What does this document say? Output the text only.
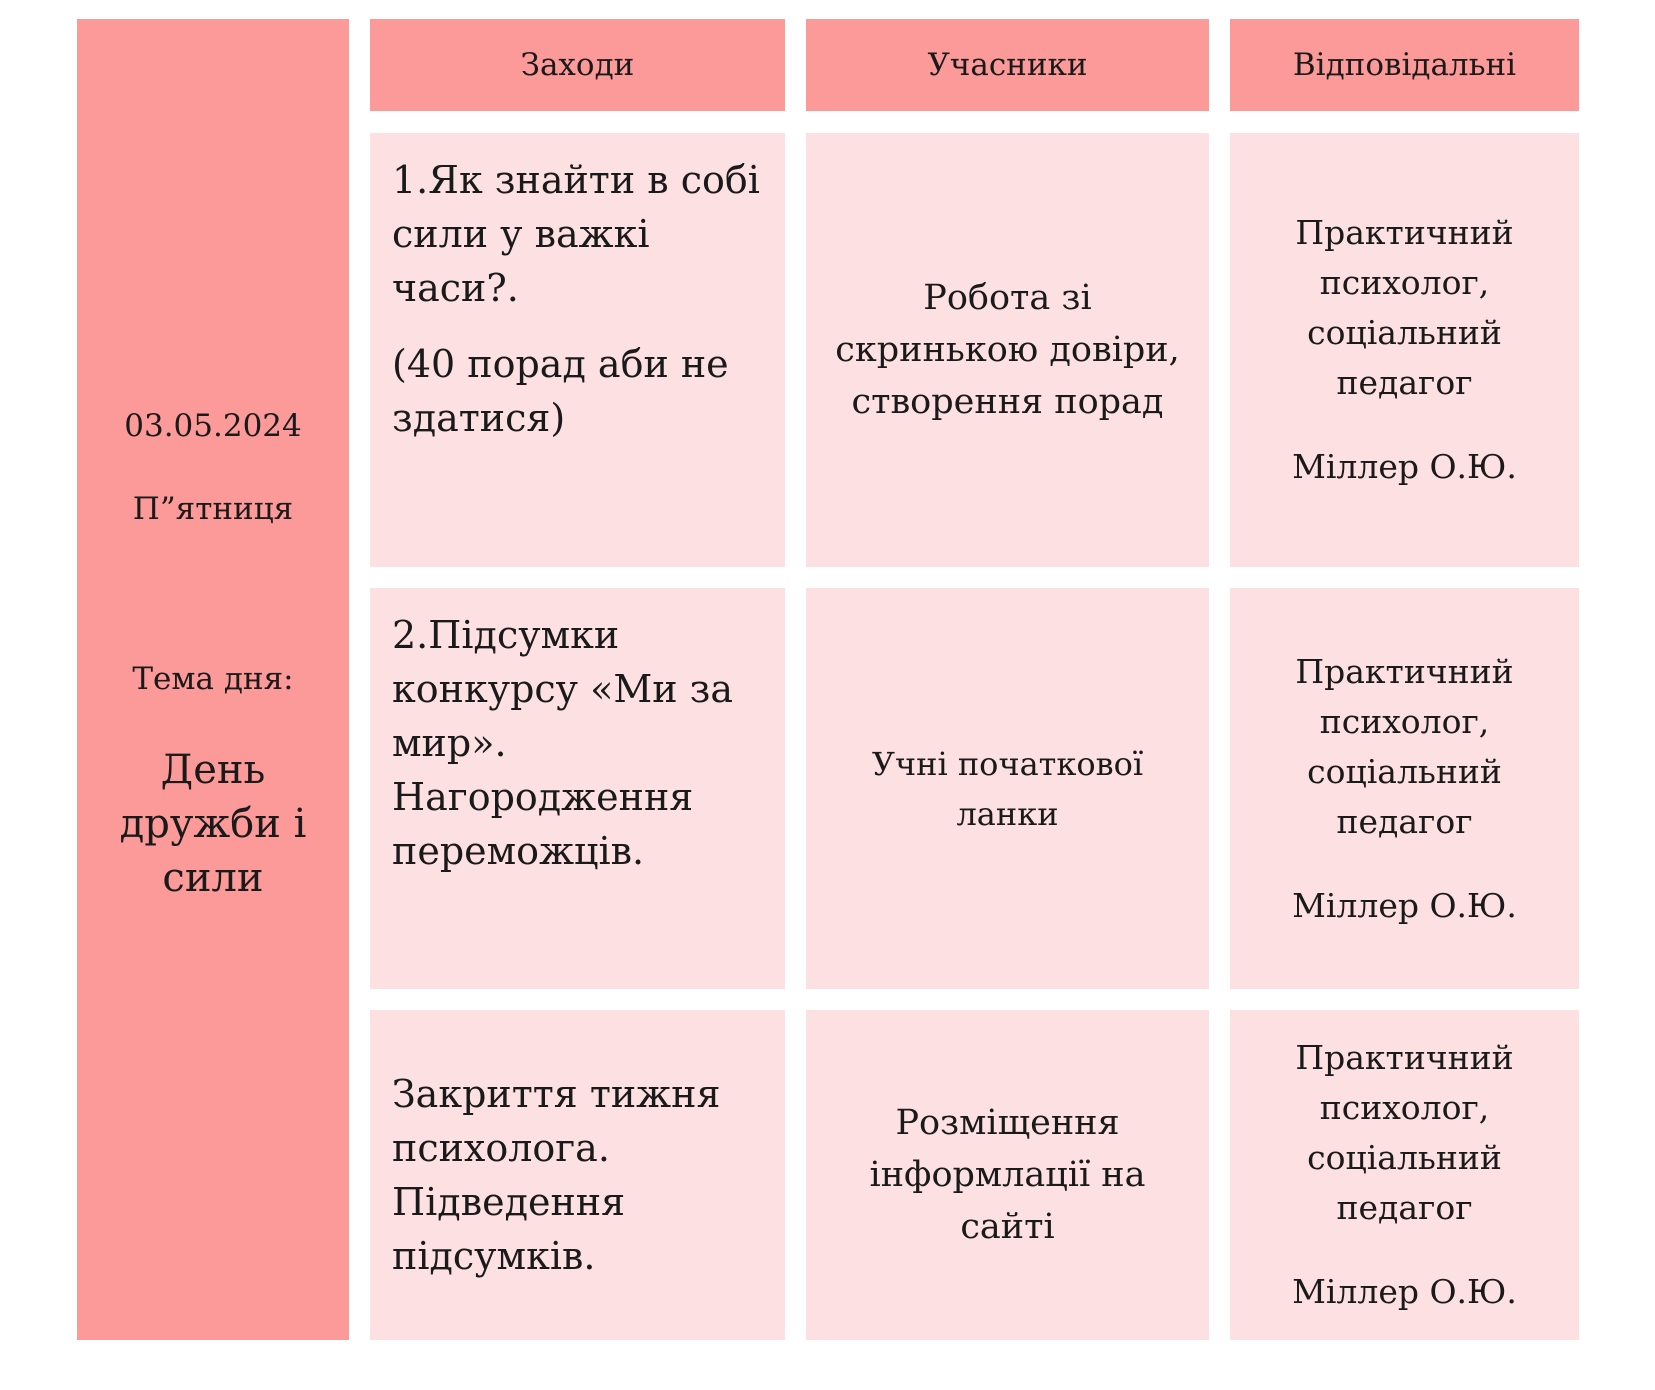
03.05.2024
П”ятниця
Тема дня:
День дружби і сили
Заходи	Учасники	Відповідальні

1.Як знайти в собі сили у важкі часи?.

(40 порад аби не здатися)

Робота зі скринькою довіри, створення порад

Практичний психолог, соціальний педагог

Міллер О.Ю.

2.Підсумки конкурсу «Ми за мир». Нагородження переможців.

Учні початкової ланки

Практичний психолог, соціальний педагог

Міллер О.Ю.

Закриття тижня психолога. Підведення підсумків.

Розміщення інформлації на сайті

Практичний психолог, соціальний педагог

Міллер О.Ю.
